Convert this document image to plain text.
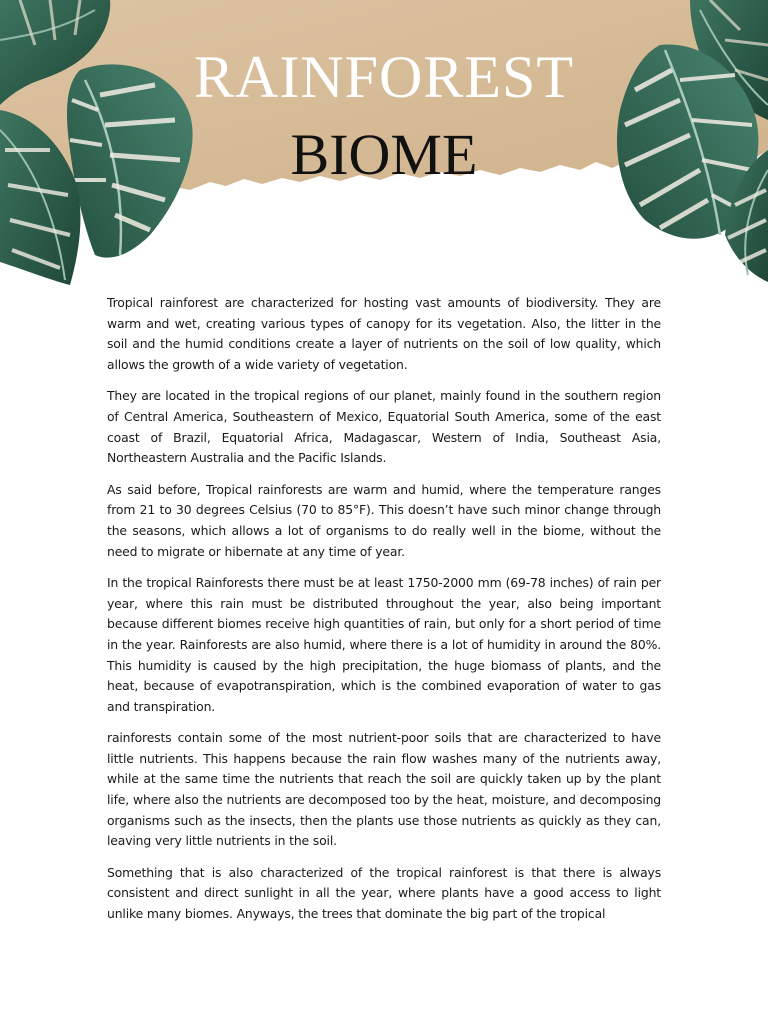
RAINFOREST
BIOME

Tropical rainforest are characterized for hosting vast amounts of biodiversity. They are warm and wet, creating various types of canopy for its vegetation. Also, the litter in the soil and the humid conditions create a layer of nutrients on the soil of low quality, which allows the growth of a wide variety of vegetation.

They are located in the tropical regions of our planet, mainly found in the southern region of Central America, Southeastern of Mexico, Equatorial South America, some of the east coast of Brazil, Equatorial Africa, Madagascar, Western of India, Southeast Asia, Northeastern Australia and the Pacific Islands.

As said before, Tropical rainforests are warm and humid, where the temperature ranges from 21 to 30 degrees Celsius (70 to 85°F). This doesn’t have such minor change through the seasons, which allows a lot of organisms to do really well in the biome, without the need to migrate or hibernate at any time of year.

In the tropical Rainforests there must be at least 1750-2000 mm (69-78 inches) of rain per year, where this rain must be distributed throughout the year, also being important because different biomes receive high quantities of rain, but only for a short period of time in the year. Rainforests are also humid, where there is a lot of humidity in around the 80%. This humidity is caused by the high precipitation, the huge biomass of plants, and the heat, because of evapotranspiration, which is the combined evaporation of water to gas and transpiration.

rainforests contain some of the most nutrient-poor soils that are characterized to have little nutrients. This happens because the rain flow washes many of the nutrients away, while at the same time the nutrients that reach the soil are quickly taken up by the plant life, where also the nutrients are decomposed too by the heat, moisture, and decomposing organisms such as the insects, then the plants use those nutrients as quickly as they can, leaving very little nutrients in the soil.

Something that is also characterized of the tropical rainforest is that there is always consistent and direct sunlight in all the year, where plants have a good access to light unlike many biomes. Anyways, the trees that dominate the big part of the tropical
